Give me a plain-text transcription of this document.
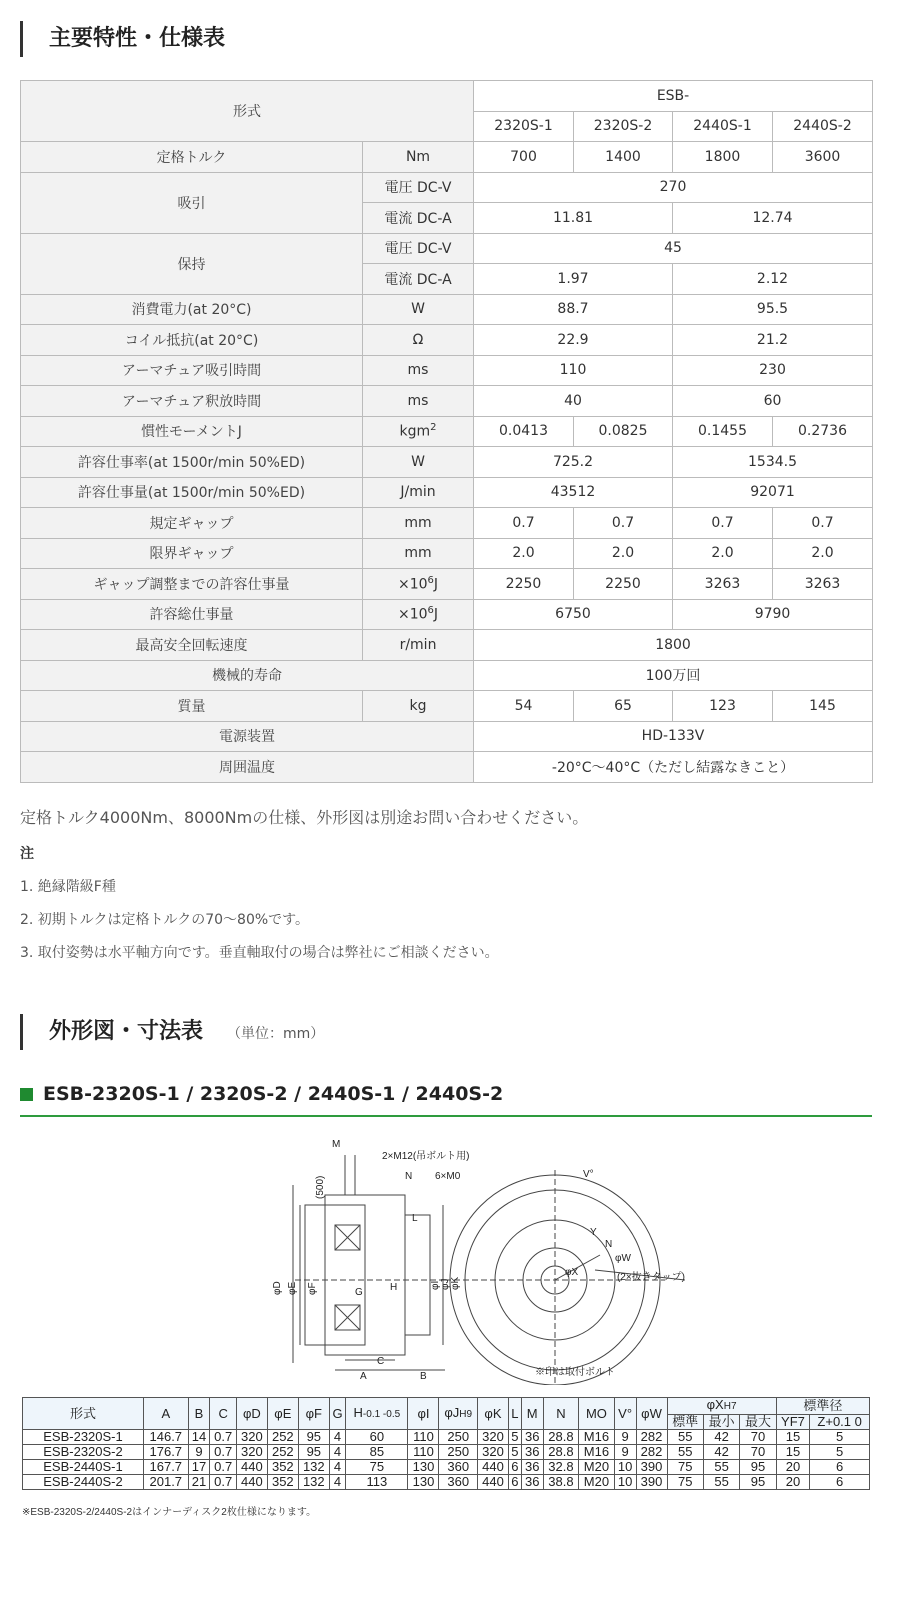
主要特性・仕様表
形式		ESB-			
		2320S-1	2320S-2	2440S-1	2440S-2
定格トルク	Nm	700	1400	1800	3600
吸引	電圧 DC-V	270			
	電流 DC-A	11.81		12.74	
保持	電圧 DC-V	45			
	電流 DC-A	1.97		2.12	
消費電力(at 20°C)	W	88.7		95.5	
コイル抵抗(at 20°C)	Ω	22.9		21.2	
アーマチュア吸引時間	ms	110		230	
アーマチュア釈放時間	ms	40		60	
慣性モーメントJ	kgm$^2$	0.0413	0.0825	0.1455	0.2736
許容仕事率(at 1500r/min 50%ED)	W	725.2		1534.5	
許容仕事量(at 1500r/min 50%ED)	J/min	43512		92071	
規定ギャップ	mm	0.7	0.7	0.7	0.7
限界ギャップ	mm	2.0	2.0	2.0	2.0
ギャップ調整までの許容仕事量	$\times 10^6J$	2250	2250	3263	3263
許容総仕事量	$\times 10^6J$	6750		9790	
最高安全回転速度	r/min	1800			
機械的寿命		100万回			
質量	kg	54	65	123	145
電源装置		HD-133V			
周囲温度		-20°C～40°C（ただし結露なきこと）			
定格トルク4000Nm、8000Nmの仕様、外形図は別途お問い合わせください。
注
1. 絶縁階級F種
2. 初期トルクは定格トルクの70～80%です。
3. 取付姿勢は水平軸方向です。垂直軸取付の場合は弊社にご相談ください。
外形図・寸法表 （単位：mm）
ESB-2320S-1 / 2320S-2 / 2440S-1 / 2440S-2
M
(500)
2×M12(吊ボルト用)
N 6×M0
L
φD φE φF	G	H	φI φJ φK
C
A	B
V°
Y
N
φW
φX	(2×抜きタップ)
※印は取付ボルト
形式	A	B	C	φD	φE	φF	G	H-0.1 -0.5	φI	φJH9	φK	L	M	N	MO	V°	φW	φXH7			標準径	
																		標準	最小	最大	YF7	Z+0.1 0
ESB-2320S-1	146.7	14	0.7	320	252	95	4	60	110	250	320	5	36	28.8	M16	9	282	55	42	70	15	5
ESB-2320S-2	176.7	9	0.7	320	252	95	4	85	110	250	320	5	36	28.8	M16	9	282	55	42	70	15	5
ESB-2440S-1	167.7	17	0.7	440	352	132	4	75	130	360	440	6	36	32.8	M20	10	390	75	55	95	20	6
ESB-2440S-2	201.7	21	0.7	440	352	132	4	113	130	360	440	6	36	38.8	M20	10	390	75	55	95	20	6
※ESB-2320S-2/2440S-2はインナーディスク2枚仕様になります。
